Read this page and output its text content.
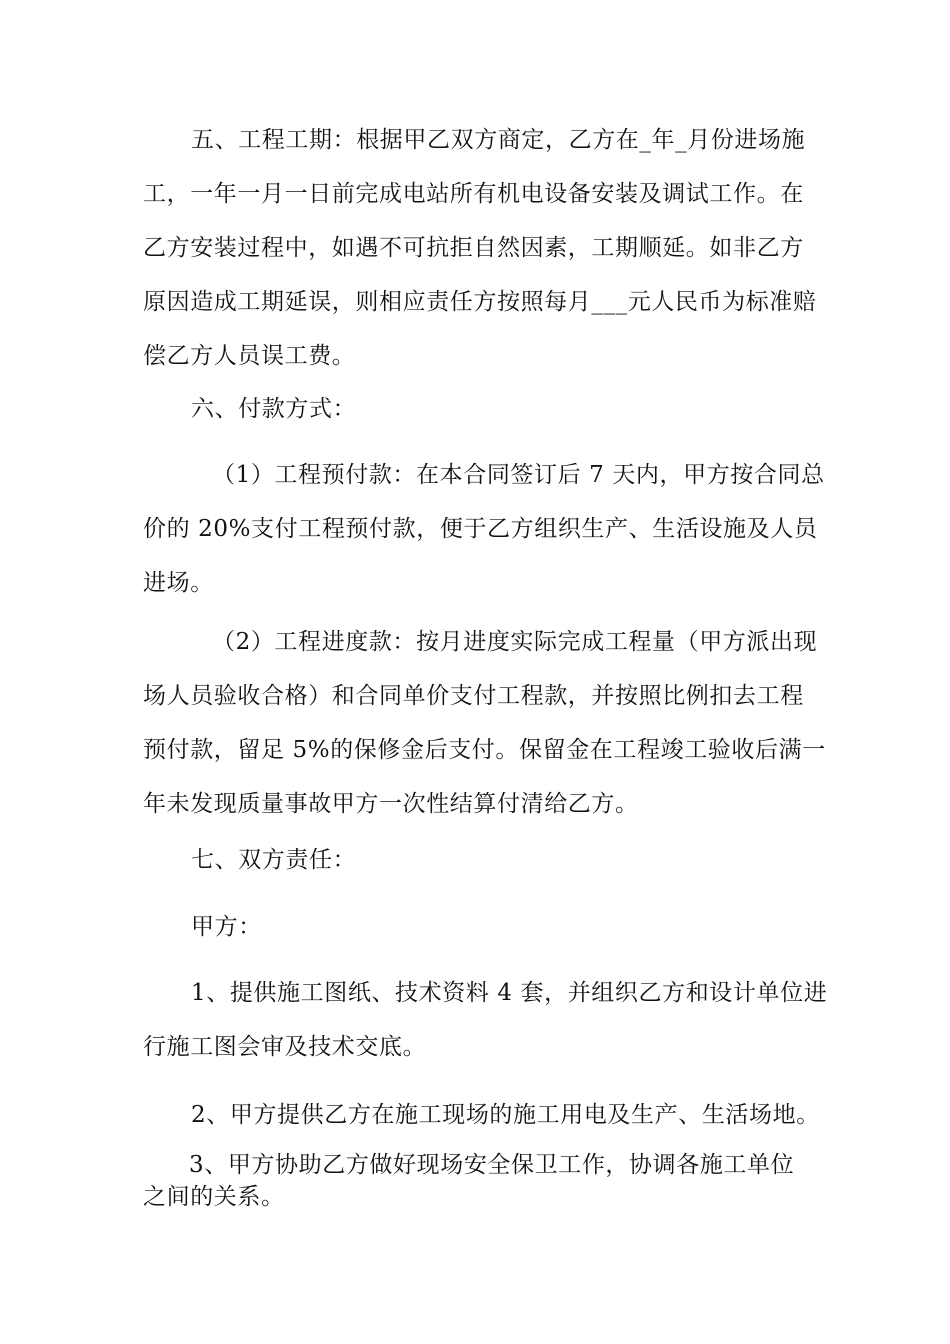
五、工程工期：根据甲乙双方商定，乙方在_年_月份进场施
工，一年一月一日前完成电站所有机电设备安装及调试工作。在
乙方安装过程中，如遇不可抗拒自然因素，工期顺延。如非乙方
原因造成工期延误，则相应责任方按照每月___元人民币为标准赔
偿乙方人员误工费。
六、付款方式：
（1）工程预付款：在本合同签订后 7 天内，甲方按合同总
价的 20%支付工程预付款，便于乙方组织生产、生活设施及人员
进场。
（2）工程进度款：按月进度实际完成工程量（甲方派出现
场人员验收合格）和合同单价支付工程款，并按照比例扣去工程
预付款，留足 5%的保修金后支付。保留金在工程竣工验收后满一
年未发现质量事故甲方一次性结算付清给乙方。
七、双方责任：
甲方：
1、提供施工图纸、技术资料 4 套，并组织乙方和设计单位进
行施工图会审及技术交底。
2、甲方提供乙方在施工现场的施工用电及生产、生活场地。
3、甲方协助乙方做好现场安全保卫工作，协调各施工单位
之间的关系。
